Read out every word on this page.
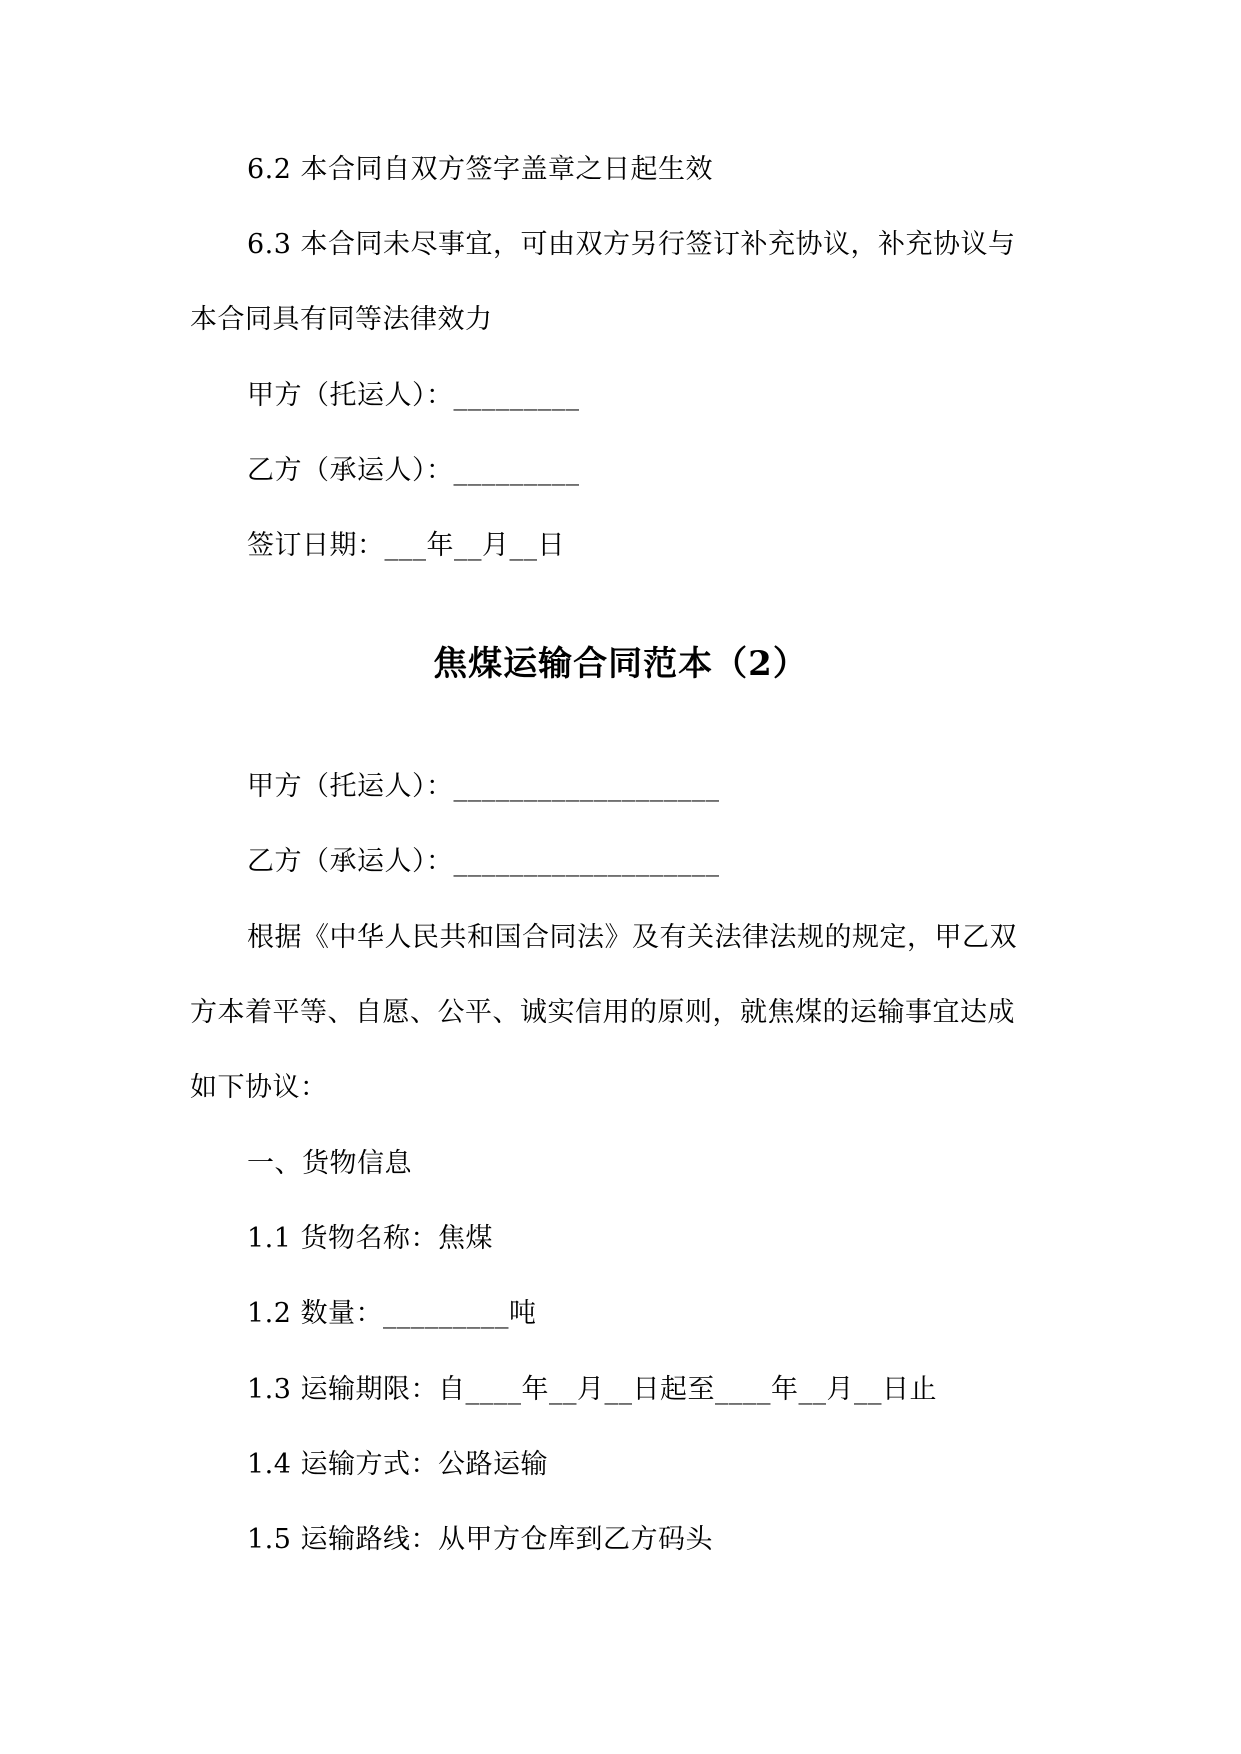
6.2 本合同自双方签字盖章之日起生效
6.3 本合同未尽事宜，可由双方另行签订补充协议，补充协议与
本合同具有同等法律效力
甲方（托运人）：_________
乙方（承运人）：_________
签订日期：___年__月__日
焦煤运输合同范本（2）
甲方（托运人）：___________________
乙方（承运人）：___________________
根据《中华人民共和国合同法》及有关法律法规的规定，甲乙双
方本着平等、自愿、公平、诚实信用的原则，就焦煤的运输事宜达成
如下协议：
一、货物信息
1.1 货物名称：焦煤
1.2 数量：_________吨
1.3 运输期限：自____年__月__日起至____年__月__日止
1.4 运输方式：公路运输
1.5 运输路线：从甲方仓库到乙方码头
